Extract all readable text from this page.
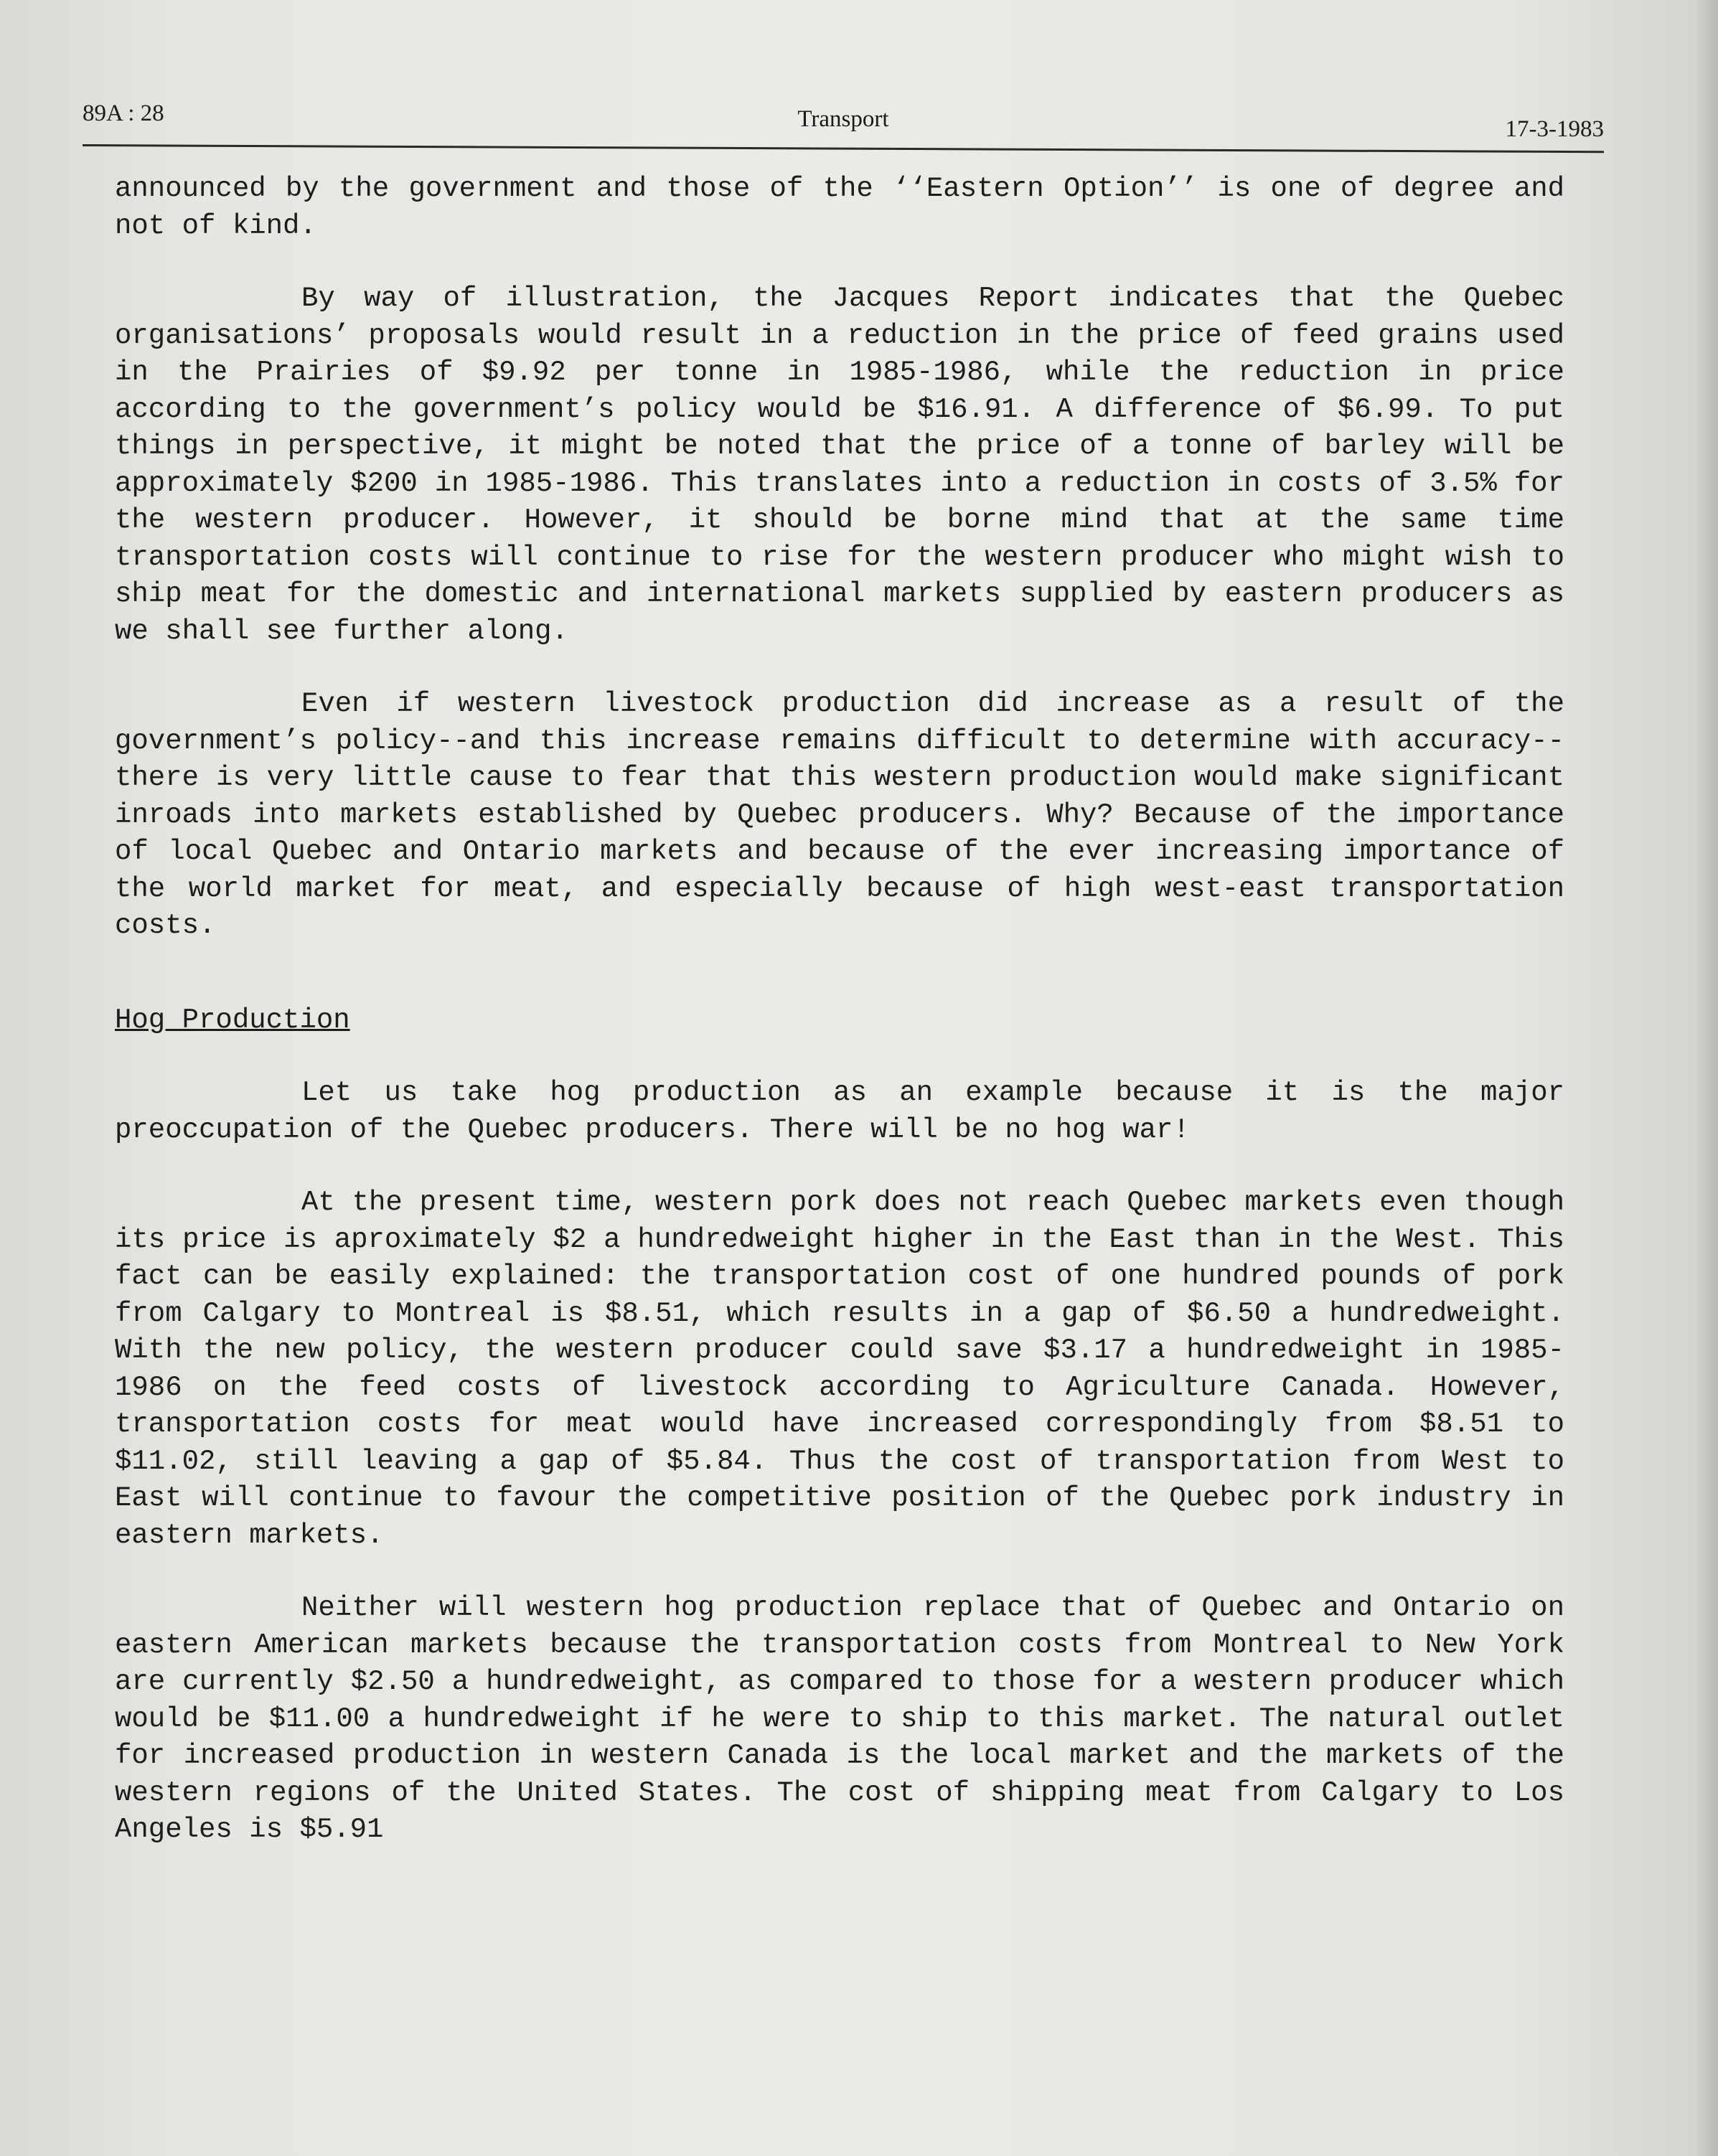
89A : 28	Transport	17-3-1983

announced by the government and those of the ‘‘Eastern Option’’ is one of degree and not of kind.

By way of illustration, the Jacques Report indicates that the Quebec organisations’ proposals would result in a reduction in the price of feed grains used in the Prairies of $9.92 per tonne in 1985-1986, while the reduction in price according to the government’s policy would be $16.91. A difference of $6.99. To put things in perspective, it might be noted that the price of a tonne of barley will be approximately $200 in 1985-1986. This translates into a reduction in costs of 3.5% for the western producer. However, it should be borne mind that at the same time transportation costs will continue to rise for the western producer who might wish to ship meat for the domestic and international markets supplied by eastern producers as we shall see further along.

Even if western livestock production did increase as a result of the government’s policy--and this increase remains difficult to determine with accuracy--there is very little cause to fear that this western production would make significant inroads into markets established by Quebec producers. Why? Because of the importance of local Quebec and Ontario markets and because of the ever increasing importance of the world market for meat, and especially because of high west-east transportation costs.

Hog Production

Let us take hog production as an example because it is the major preoccupation of the Quebec producers. There will be no hog war!

At the present time, western pork does not reach Quebec markets even though its price is aproximately $2 a hundredweight higher in the East than in the West. This fact can be easily explained: the transportation cost of one hundred pounds of pork from Calgary to Montreal is $8.51, which results in a gap of $6.50 a hundredweight. With the new policy, the western producer could save $3.17 a hundredweight in 1985-1986 on the feed costs of livestock according to Agriculture Canada. However, transportation costs for meat would have increased correspondingly from $8.51 to $11.02, still leaving a gap of $5.84. Thus the cost of transportation from West to East will continue to favour the competitive position of the Quebec pork industry in eastern markets.

Neither will western hog production replace that of Quebec and Ontario on eastern American markets because the transportation costs from Montreal to New York are currently $2.50 a hundredweight, as compared to those for a western producer which would be $11.00 a hundredweight if he were to ship to this market. The natural outlet for increased production in western Canada is the local market and the markets of the western regions of the United States. The cost of shipping meat from Calgary to Los Angeles is $5.91
